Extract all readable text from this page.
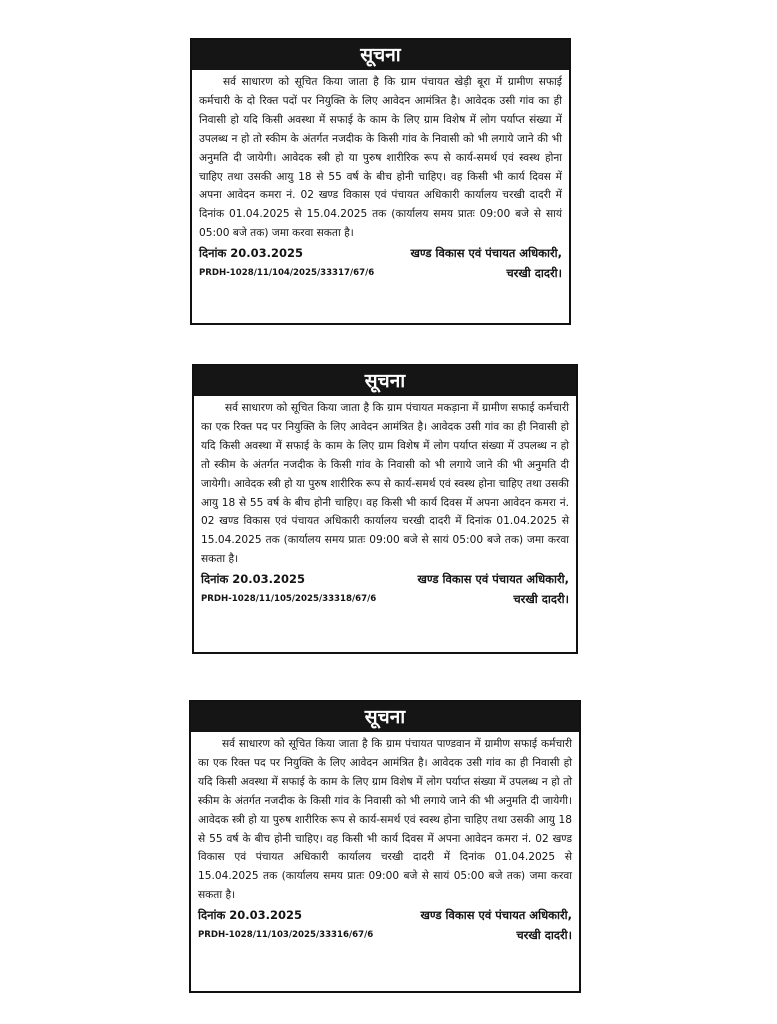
सूचना
सर्व साधारण को सूचित किया जाता है कि ग्राम पंचायत खेड़ी बूरा में ग्रामीण सफाई कर्मचारी के दो रिक्त पदों पर नियुक्ति के लिए आवेदन आमंत्रित है। आवेदक उसी गांव का ही निवासी हो यदि किसी अवस्था में सफाई के काम के लिए ग्राम विशेष में लोग पर्याप्त संख्या में उपलब्ध न हो तो स्कीम के अंतर्गत नजदीक के किसी गांव के निवासी को भी लगाये जाने की भी अनुमति दी जायेगी। आवेदक स्त्री हो या पुरुष शारीरिक रूप से कार्य-समर्थ एवं स्वस्थ होना चाहिए तथा उसकी आयु 18 से 55 वर्ष के बीच होनी चाहिए। वह किसी भी कार्य दिवस में अपना आवेदन कमरा नं. 02 खण्ड विकास एवं पंचायत अधिकारी कार्यालय चरखी दादरी में दिनांक 01.04.2025 से 15.04.2025 तक (कार्यालय समय प्रातः 09:00 बजे से सायं 05:00 बजे तक) जमा करवा सकता है।
दिनांक 20.03.2025	खण्ड विकास एवं पंचायत अधिकारी,
PRDH-1028/11/104/2025/33317/67/6	चरखी दादरी।
सूचना
सर्व साधारण को सूचित किया जाता है कि ग्राम पंचायत मकड़ाना में ग्रामीण सफाई कर्मचारी का एक रिक्त पद पर नियुक्ति के लिए आवेदन आमंत्रित है। आवेदक उसी गांव का ही निवासी हो यदि किसी अवस्था में सफाई के काम के लिए ग्राम विशेष में लोग पर्याप्त संख्या में उपलब्ध न हो तो स्कीम के अंतर्गत नजदीक के किसी गांव के निवासी को भी लगाये जाने की भी अनुमति दी जायेगी। आवेदक स्त्री हो या पुरुष शारीरिक रूप से कार्य-समर्थ एवं स्वस्थ होना चाहिए तथा उसकी आयु 18 से 55 वर्ष के बीच होनी चाहिए। वह किसी भी कार्य दिवस में अपना आवेदन कमरा नं. 02 खण्ड विकास एवं पंचायत अधिकारी कार्यालय चरखी दादरी में दिनांक 01.04.2025 से 15.04.2025 तक (कार्यालय समय प्रातः 09:00 बजे से सायं 05:00 बजे तक) जमा करवा सकता है।
दिनांक 20.03.2025	खण्ड विकास एवं पंचायत अधिकारी,
PRDH-1028/11/105/2025/33318/67/6	चरखी दादरी।
सूचना
सर्व साधारण को सूचित किया जाता है कि ग्राम पंचायत पाण्डवान में ग्रामीण सफाई कर्मचारी का एक रिक्त पद पर नियुक्ति के लिए आवेदन आमंत्रित है। आवेदक उसी गांव का ही निवासी हो यदि किसी अवस्था में सफाई के काम के लिए ग्राम विशेष में लोग पर्याप्त संख्या में उपलब्ध न हो तो स्कीम के अंतर्गत नजदीक के किसी गांव के निवासी को भी लगाये जाने की भी अनुमति दी जायेगी। आवेदक स्त्री हो या पुरुष शारीरिक रूप से कार्य-समर्थ एवं स्वस्थ होना चाहिए तथा उसकी आयु 18 से 55 वर्ष के बीच होनी चाहिए। वह किसी भी कार्य दिवस में अपना आवेदन कमरा नं. 02 खण्ड विकास एवं पंचायत अधिकारी कार्यालय चरखी दादरी में दिनांक 01.04.2025 से 15.04.2025 तक (कार्यालय समय प्रातः 09:00 बजे से सायं 05:00 बजे तक) जमा करवा सकता है।
दिनांक 20.03.2025	खण्ड विकास एवं पंचायत अधिकारी,
PRDH-1028/11/103/2025/33316/67/6	चरखी दादरी।
